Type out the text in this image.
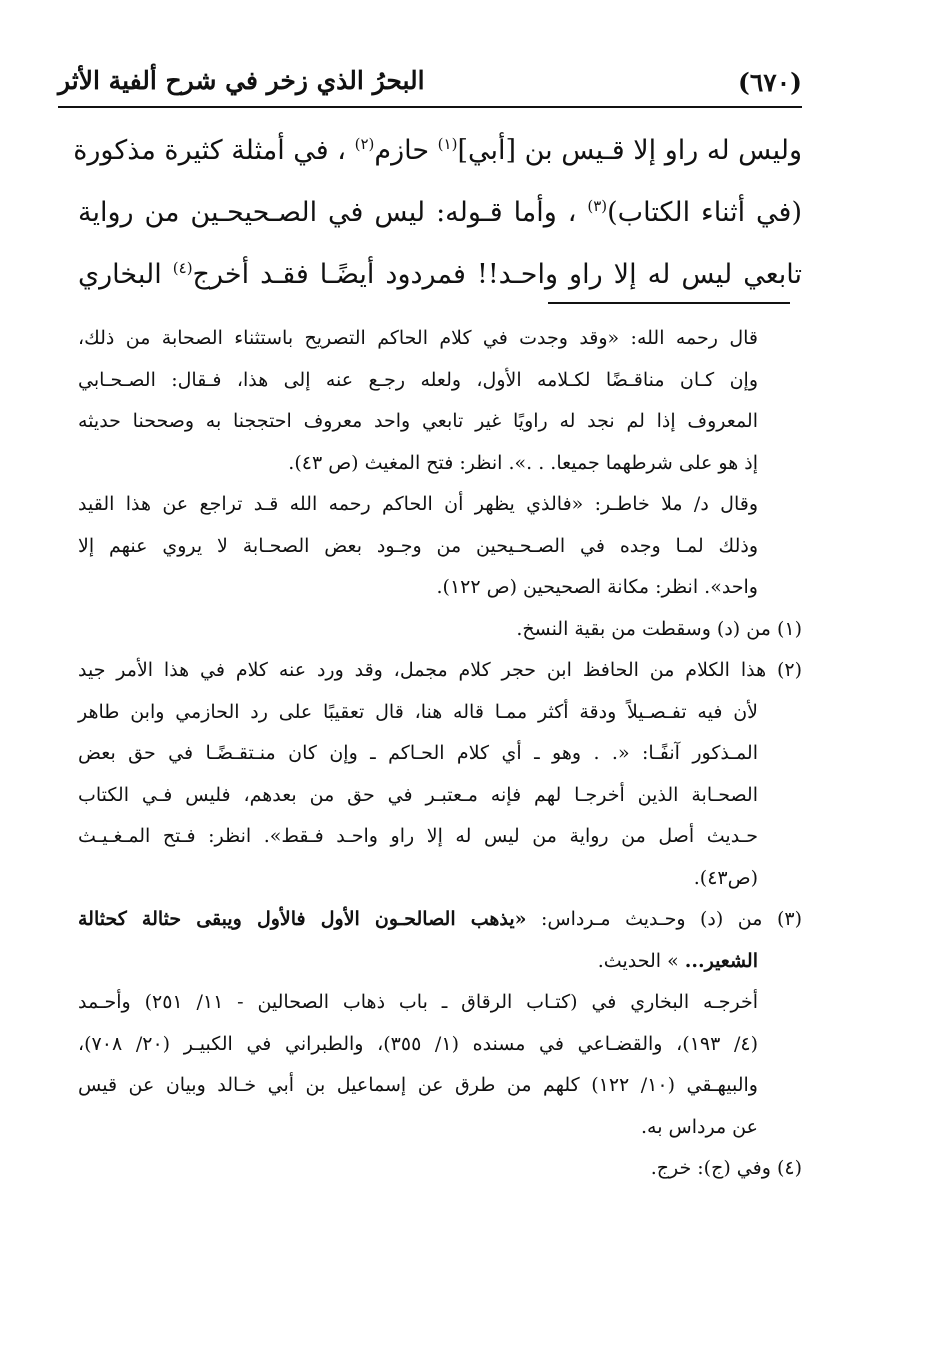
(٦٧٠)
البحرُ الذي زخر في شرح ألفية الأثر
وليس له راو إلا قـيس بن [أبي]$^{(١)}$ حازم$^{(٢)}$ ، في أمثلة كثيرة مذكورة
(في أثناء الكتاب)$^{(٣)}$ ، وأما قـوله: ليس في الصـحيحـين من رواية
تابعي ليس له إلا راو واحـد!! فمردود أيضًـا فقـد أخرج$^{(٤)}$ البخاري
قال رحمه الله: «وقد وجدت في كلام الحاكم التصريح باستثناء الصحابة من ذلك،
وإن كـان مناقـضًا لكـلامه الأول، ولعله رجـع عنه إلى هذا، فـقال: الصـحـابي
المعروف إذا لم نجد له راويًا غير تابعي واحد معروف احتججنا به وصححنا حديثه
إذ هو على شرطهما جميعا. . .». انظر: فتح المغيث (ص ٤٣).
وقال د/ ملا خاطـر: «فالذي يظهر أن الحاكم رحمه الله قـد تراجع عن هذا القيد
وذلك لمـا وجده في الصـحـيحين من وجـود بعض الصحـابة لا يروي عنهم إلا
واحد». انظر: مكانة الصحيحين (ص ١٢٢).
(١) من (د) وسقطت من بقية النسخ.
(٢) هذا الكلام من الحافظ ابن حجر كلام مجمل، وقد ورد عنه كلام في هذا الأمر جيد
لأن فيه تفـصـيلاً ودقة أكثر ممـا قاله هنا، قال تعقيبًا على رد الحازمي وابن طاهر
المـذكور آنفًـا: «. . وهو ـ أي كلام الحـاكم ـ وإن كان منـتقـضًـا في حق بعض
الصحـابة الذين أخرجـا لهم فإنه مـعتبـر في حق من بعدهم، فليس فـي الكتاب
حـديث أصل من رواية من ليس له إلا راو واحـد فـقط». انظر: فـتح المـغـيـث
(ص٤٣).
(٣) من (د) وحـديث مـرداس: «يذهب الصالحـون الأول فالأول ويبقى حثالة كحثالة
الشعير... » الحديث.
أخرجـه البخاري في (كتـاب الرقاق ـ باب ذهاب الصحالين - ١١/ ٢٥١) وأحـمد
(٤/ ١٩٣)، والقضـاعي في مسنده (١/ ٣٥٥)، والطبراني في الكبيـر (٢٠/ ٧٠٨)،
والبيهـقي (١٠/ ١٢٢) كلهم من طرق عن إسماعيل بن أبي خـالد وبيان عن قيس
عن مرداس به.
(٤) وفي (ج): خرج.
